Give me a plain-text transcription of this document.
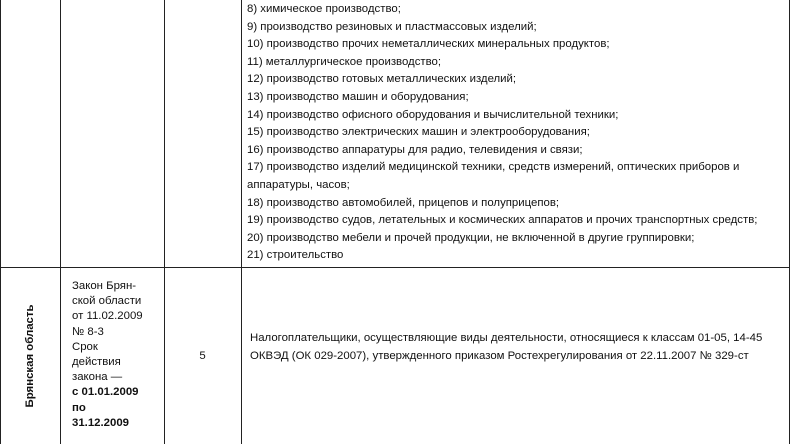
8) химическое производство;
9) производство резиновых и пластмассовых изделий;
10) производство прочих неметаллических минеральных продуктов;
11) металлургическое производство;
12) производство готовых металлических изделий;
13) производство машин и оборудования;
14) производство офисного оборудования и вычислительной техники;
15) производство электрических машин и электрооборудования;
16) производство аппаратуры для радио, телевидения и связи;
17) производство изделий медицинской техники, средств измерений, оптических приборов и аппаратуры, часов;
18) производство автомобилей, прицепов и полуприцепов;
19) производство судов, летательных и космических аппаратов и прочих транспортных средств;
20) производство мебели и прочей продукции, не включенной в другие группировки;
21) строительство
Брянская область
Закон Брян-
ской области
от 11.02.2009
№ 8-3
Срок
действия
закона —
с 01.01.2009
по
31.12.2009
5
Налогоплательщики, осуществляющие виды деятельности, относящиеся к классам 01-05, 14-45 ОКВЭД (ОК 029-2007), утвержденного приказом Ростехрегулирования от 22.11.2007 № 329-ст
